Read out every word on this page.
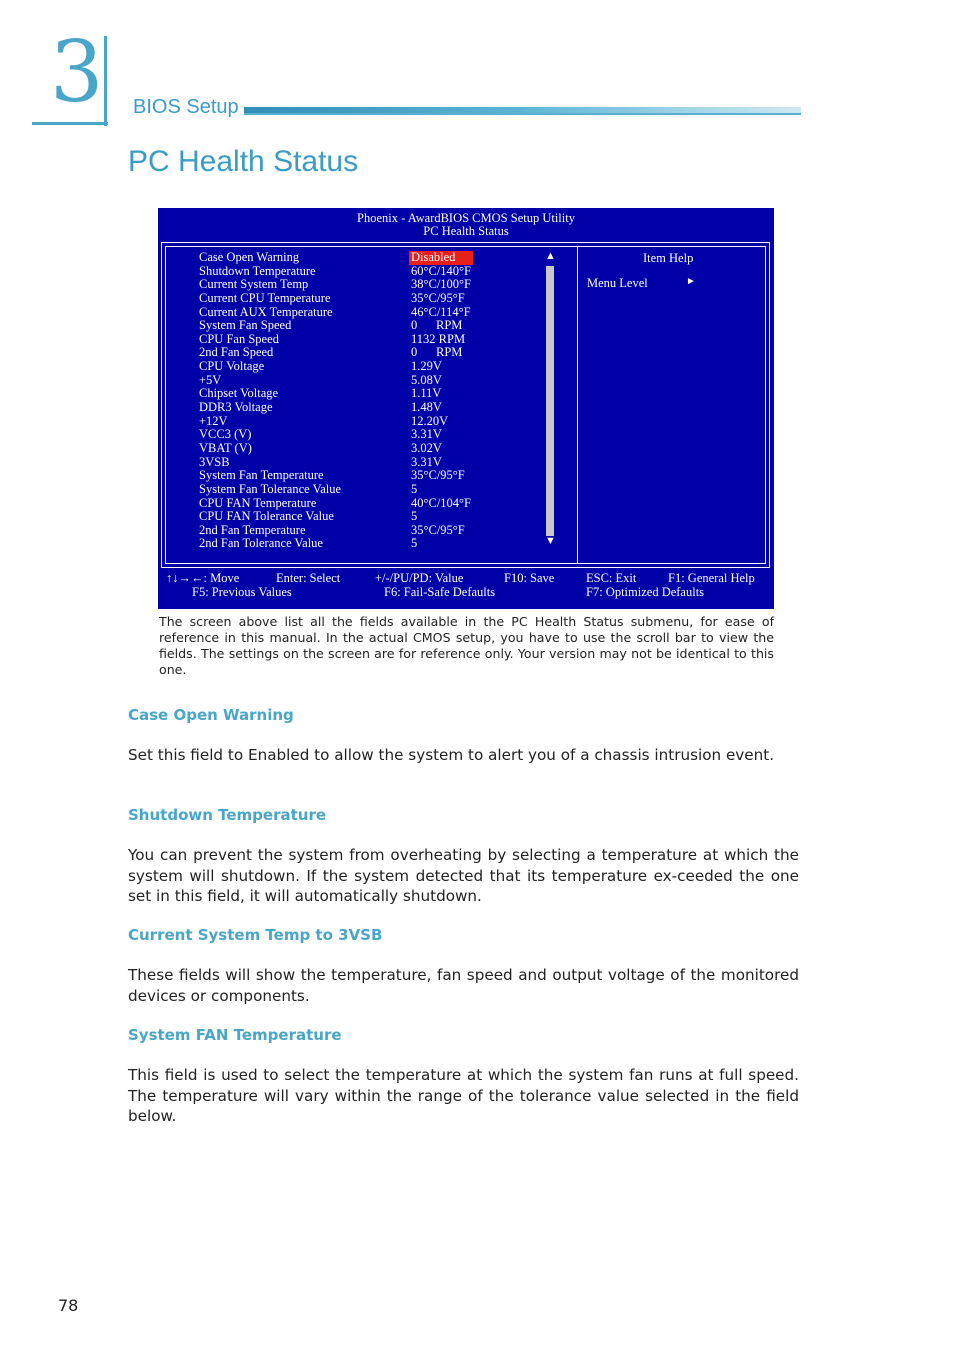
3 BIOS Setup
PC Health Status
Phoenix - AwardBIOS CMOS Setup Utility
PC Health Status
Case Open Warning	Disabled
Shutdown Temperature	60°C/140°F
Current System Temp	38°C/100°F
Current CPU Temperature	35°C/95°F
Current AUX Temperature	46°C/114°F
System Fan Speed	0      RPM
CPU Fan Speed	1132 RPM
2nd Fan Speed	0      RPM
CPU Voltage	1.29V
+5V	5.08V
Chipset Voltage	1.11V
DDR3 Voltage	1.48V
+12V	12.20V
VCC3 (V)	3.31V
VBAT (V)	3.02V
3VSB	3.31V
System Fan Temperature	35°C/95°F
System Fan Tolerance Value	5
CPU FAN Temperature	40°C/104°F
CPU FAN Tolerance Value	5
2nd Fan Temperature	35°C/95°F
2nd Fan Tolerance Value	5
▲
▼
Item Help
Menu Level	►
↑↓→←: Move	Enter: Select	+/-/PU/PD: Value	F10: Save	ESC: Exit	F1: General Help
F5: Previous Values	F6: Fail-Safe Defaults	F7: Optimized Defaults
The screen above list all the fields available in the PC Health Status submenu, for ease of reference in this manual. In the actual CMOS setup, you have to use the scroll bar to view the fields. The settings on the screen are for reference only. Your version may not be identical to this one.
Case Open Warning
Set this field to Enabled to allow the system to alert you of a chassis intrusion event.
Shutdown Temperature
You can prevent the system from overheating by selecting a temperature at which the system will shutdown. If the system detected that its temperature ex-ceeded the one set in this field, it will automatically shutdown.
Current System Temp to 3VSB
These fields will show the temperature, fan speed and output voltage of the monitored devices or components.
System FAN Temperature
This field is used to select the temperature at which the system fan runs at full speed. The temperature will vary within the range of the tolerance value selected in the field below.
78
